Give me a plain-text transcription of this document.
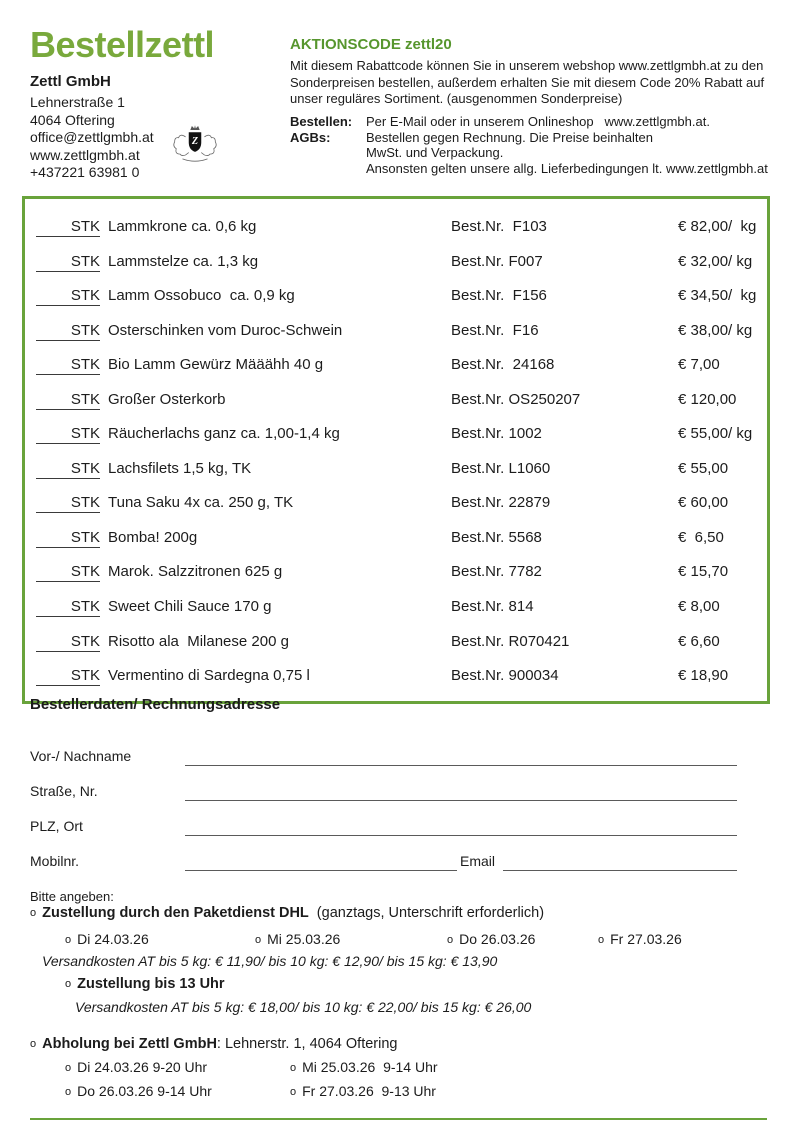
Bestellzettl
Zettl GmbH
Lehnerstraße 1
4064 Oftering
office@zettlgmbh.at
www.zettlgmbh.at
+437221 63981 0
Z
AKTIONSCODE zettl20
Mit diesem Rabattcode können Sie in unserem webshop www.zettlgmbh.at zu den
Sonderpreisen bestellen, außerdem erhalten Sie mit diesem Code 20% Rabatt auf
unser reguläres Sortiment. (ausgenommen Sonderpreise)
Bestellen:	Per E-Mail oder in unserem Onlineshop   www.zettlgmbh.at.
AGBs:	Bestellen gegen Rechnung. Die Preise beinhalten
MwSt. und Verpackung.
Ansonsten gelten unsere allg. Lieferbedingungen lt. www.zettlgmbh.at
STK Lammkrone ca. 0,6 kg	Best.Nr.  F103	€ 82,00/  kg
STK Lammstelze ca. 1,3 kg	Best.Nr. F007	€ 32,00/ kg
STK Lamm Ossobuco  ca. 0,9 kg	Best.Nr.  F156	€ 34,50/  kg
STK Osterschinken vom Duroc-Schwein	Best.Nr.  F16	€ 38,00/ kg
STK Bio Lamm Gewürz Määähh 40 g	Best.Nr.  24168	€ 7,00
STK Großer Osterkorb	Best.Nr. OS250207	€ 120,00
STK Räucherlachs ganz ca. 1,00-1,4 kg	Best.Nr. 1002	€ 55,00/ kg
STK Lachsfilets 1,5 kg, TK	Best.Nr. L1060	€ 55,00
STK Tuna Saku 4x ca. 250 g, TK	Best.Nr. 22879	€ 60,00
STK Bomba! 200g	Best.Nr. 5568	€  6,50
STK Marok. Salzzitronen 625 g	Best.Nr. 7782	€ 15,70
STK Sweet Chili Sauce 170 g	Best.Nr. 814	€ 8,00
STK Risotto ala  Milanese 200 g	Best.Nr. R070421	€ 6,60
STK Vermentino di Sardegna 0,75 l	Best.Nr. 900034	€ 18,90
Bestellerdaten/ Rechnungsadresse
Vor-/ Nachname
Straße, Nr.
PLZ, Ort
Mobilnr.	Email
Bitte angeben:
o Zustellung durch den Paketdienst DHL (ganztags, Unterschrift erforderlich)
o Di 24.03.26	o Mi 25.03.26	o Do 26.03.26	o Fr 27.03.26
Versandkosten AT bis 5 kg: € 11,90/ bis 10 kg: € 12,90/ bis 15 kg: € 13,90
o Zustellung bis 13 Uhr
Versandkosten AT bis 5 kg: € 18,00/ bis 10 kg: € 22,00/ bis 15 kg: € 26,00
o Abholung bei Zettl GmbH: Lehnerstr. 1, 4064 Oftering
o Di 24.03.26 9-20 Uhr	o Mi 25.03.26  9-14 Uhr
o Do 26.03.26 9-14 Uhr	o Fr 27.03.26  9-13 Uhr
